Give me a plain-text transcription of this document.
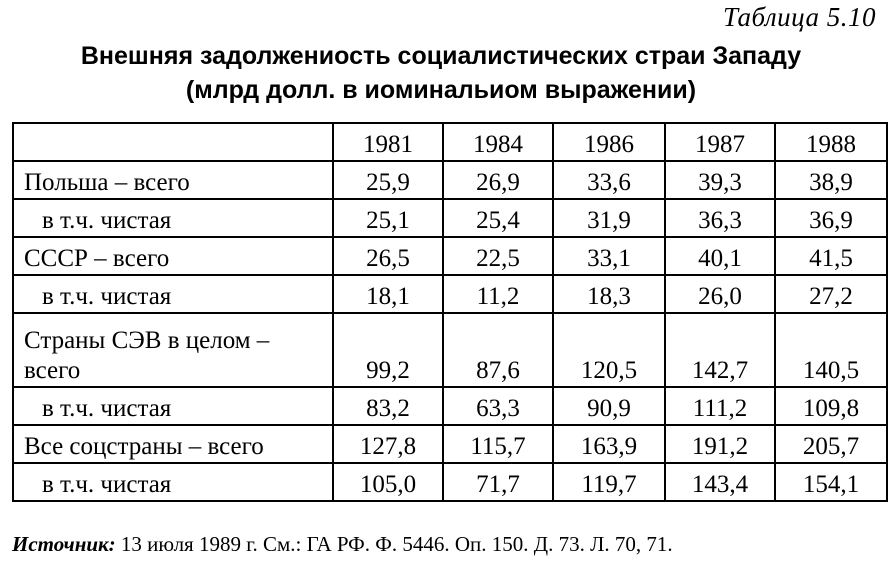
Таблица 5.10
Внешняя задолжениость социалистических страи Западу
(млрд долл. в иоминальиом выражении)
	1981	1984	1986	1987	1988
Польша – всего	25,9	26,9	33,6	39,3	38,9
в т.ч. чистая	25,1	25,4	31,9	36,3	36,9
СССР – всего	26,5	22,5	33,1	40,1	41,5
в т.ч. чистая	18,1	11,2	18,3	26,0	27,2
Страны СЭВ в целом –
всего	99,2	87,6	120,5	142,7	140,5
в т.ч. чистая	83,2	63,3	90,9	111,2	109,8
Все соцстраны – всего	127,8	115,7	163,9	191,2	205,7
в т.ч. чистая	105,0	71,7	119,7	143,4	154,1
Источник: 13 июля 1989 г. См.: ГА РФ. Ф. 5446. Оп. 150. Д. 73. Л. 70, 71.
